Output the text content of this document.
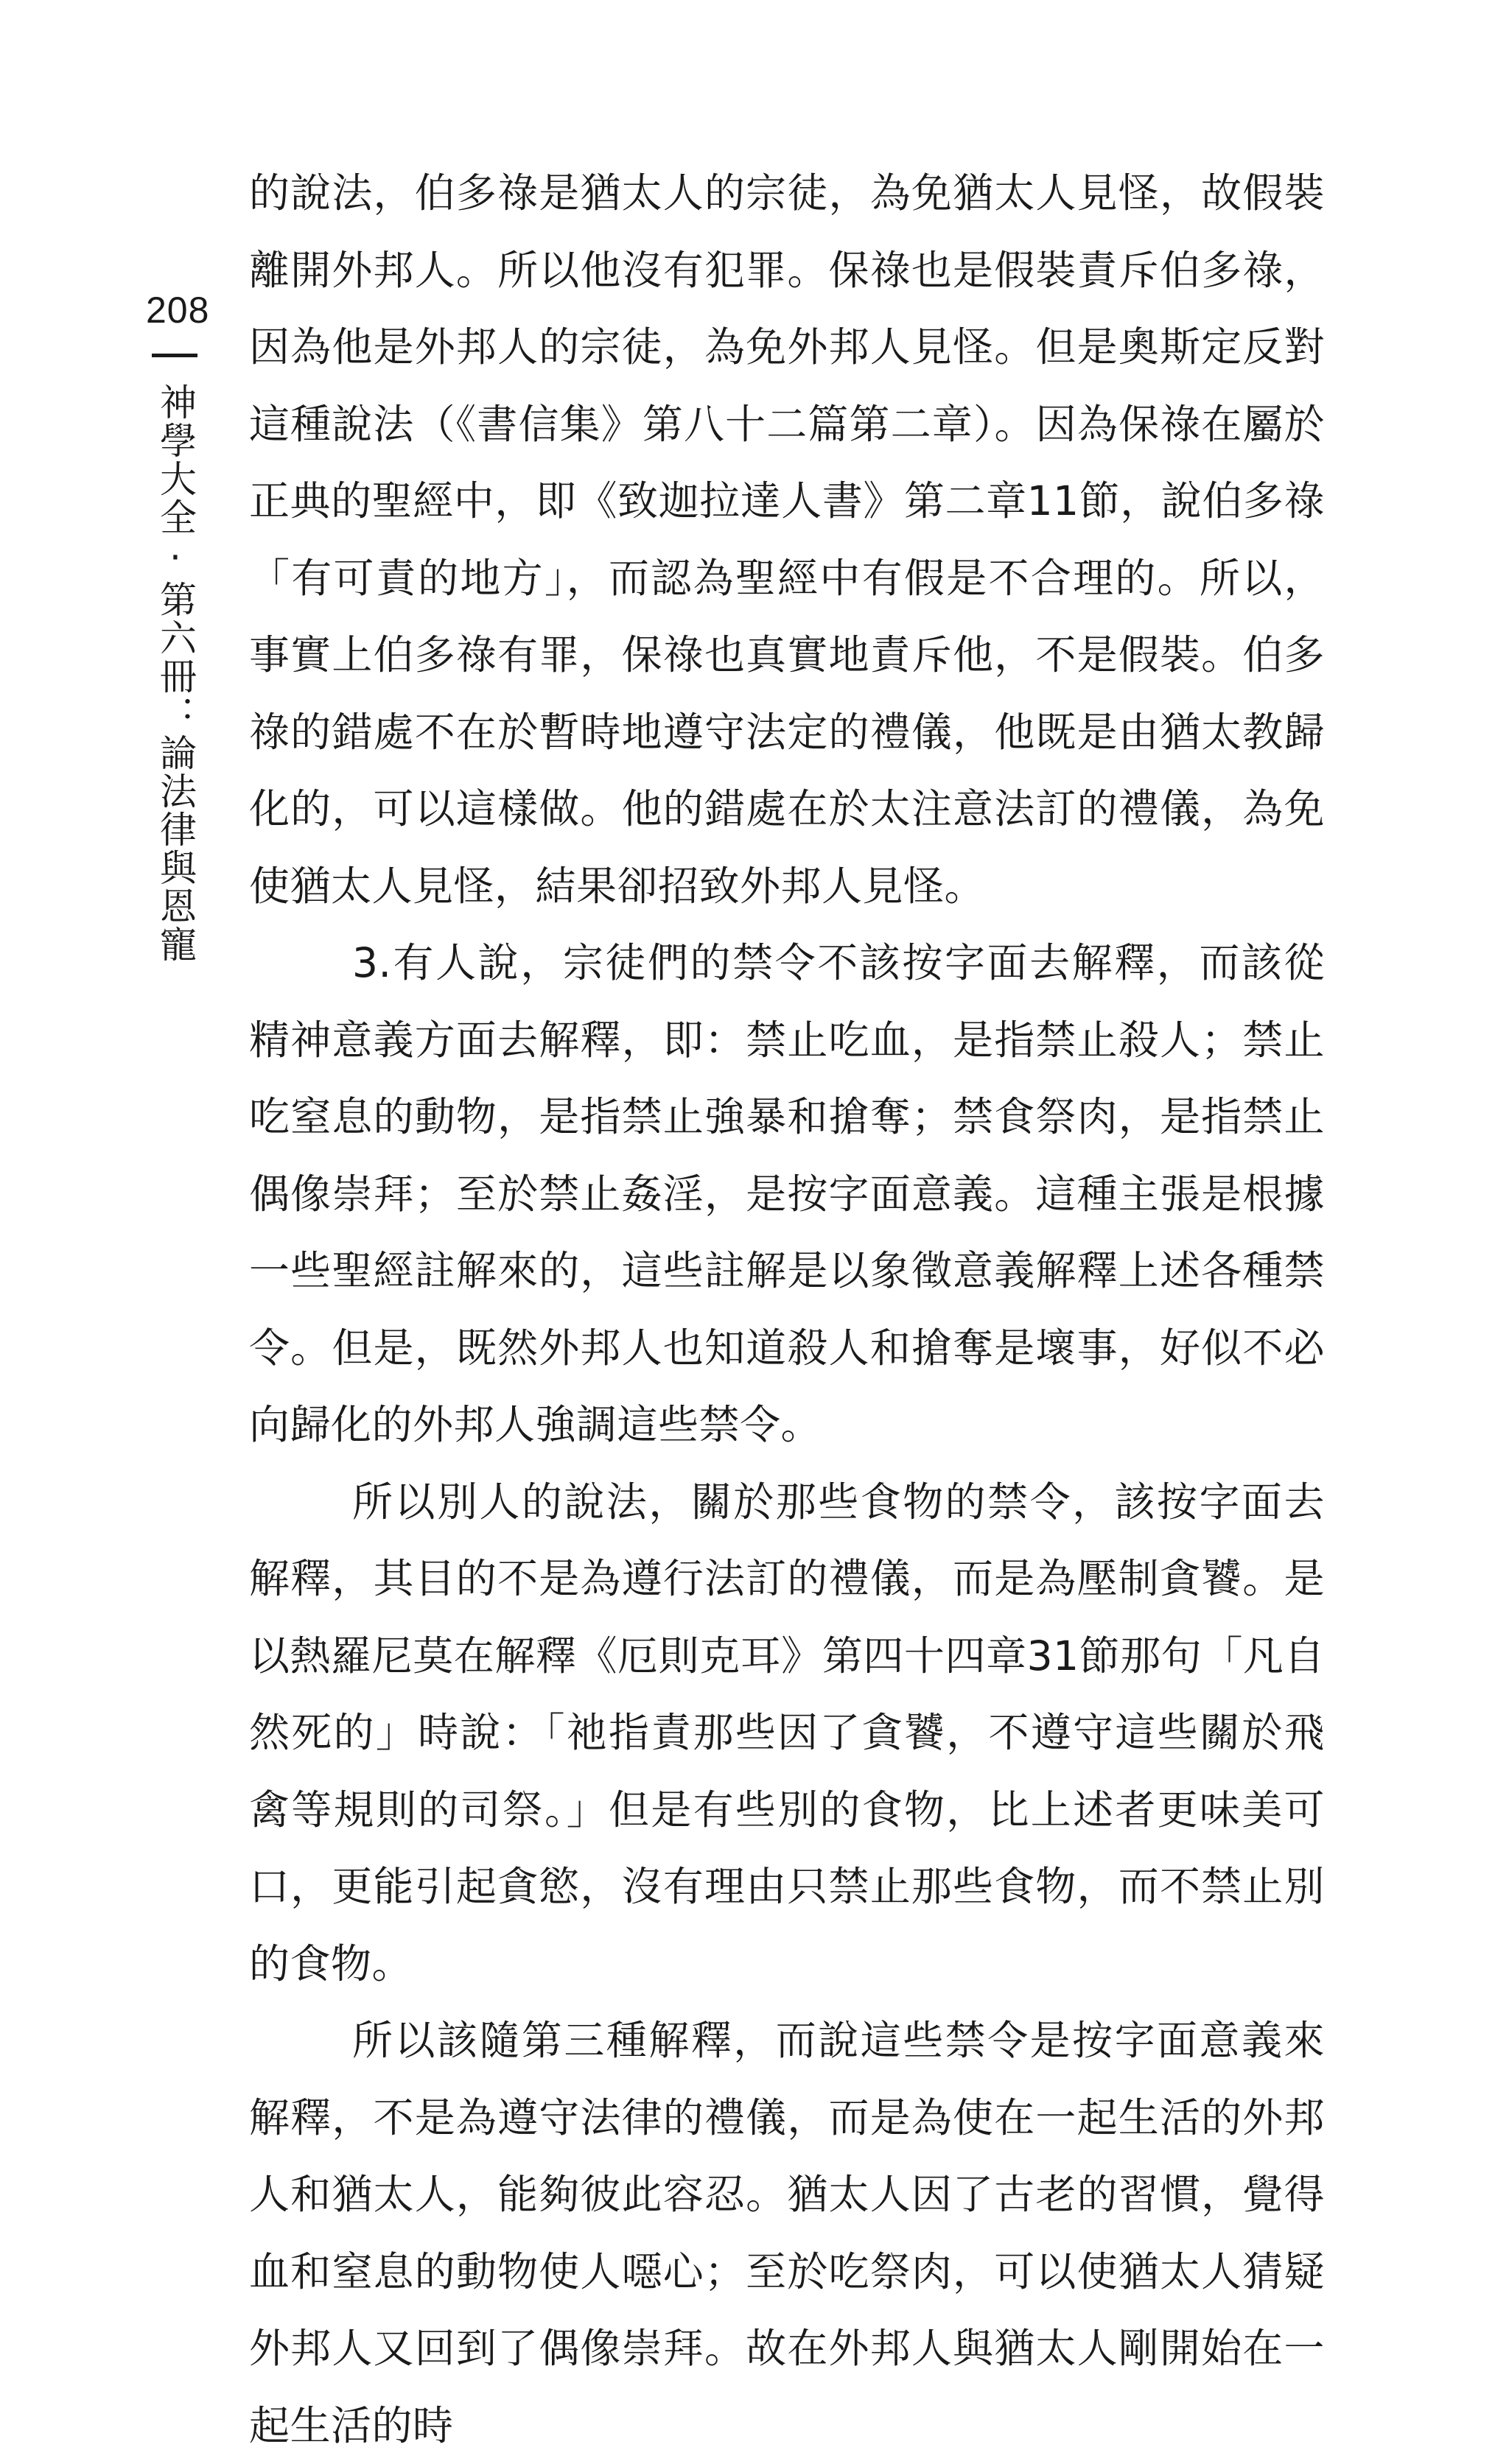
208
神學大全·第六冊：論法律與恩寵

的說法，伯多祿是猶太人的宗徒，為免猶太人見怪，故假裝離開外邦人。所以他沒有犯罪。保祿也是假裝責斥伯多祿，因為他是外邦人的宗徒，為免外邦人見怪。但是奧斯定反對這種說法（《書信集》第八十二篇第二章）。因為保祿在屬於正典的聖經中，即《致迦拉達人書》第二章11節，說伯多祿「有可責的地方」，而認為聖經中有假是不合理的。所以，事實上伯多祿有罪，保祿也真實地責斥他，不是假裝。伯多祿的錯處不在於暫時地遵守法定的禮儀，他既是由猶太教歸化的，可以這樣做。他的錯處在於太注意法訂的禮儀，為免使猶太人見怪，結果卻招致外邦人見怪。

3.有人說，宗徒們的禁令不該按字面去解釋，而該從精神意義方面去解釋，即：禁止吃血，是指禁止殺人；禁止吃窒息的動物，是指禁止強暴和搶奪；禁食祭肉，是指禁止偶像崇拜；至於禁止姦淫，是按字面意義。這種主張是根據一些聖經註解來的，這些註解是以象徵意義解釋上述各種禁令。但是，既然外邦人也知道殺人和搶奪是壞事，好似不必向歸化的外邦人強調這些禁令。

所以別人的說法，關於那些食物的禁令，該按字面去解釋，其目的不是為遵行法訂的禮儀，而是為壓制貪饕。是以熱羅尼莫在解釋《厄則克耳》第四十四章31節那句「凡自然死的」時說：「祂指責那些因了貪饕，不遵守這些關於飛禽等規則的司祭。」但是有些別的食物，比上述者更味美可口，更能引起貪慾，沒有理由只禁止那些食物，而不禁止別的食物。

所以該隨第三種解釋，而說這些禁令是按字面意義來解釋，不是為遵守法律的禮儀，而是為使在一起生活的外邦人和猶太人，能夠彼此容忍。猶太人因了古老的習慣，覺得血和窒息的動物使人噁心；至於吃祭肉，可以使猶太人猜疑外邦人又回到了偶像崇拜。故在外邦人與猶太人剛開始在一起生活的時
